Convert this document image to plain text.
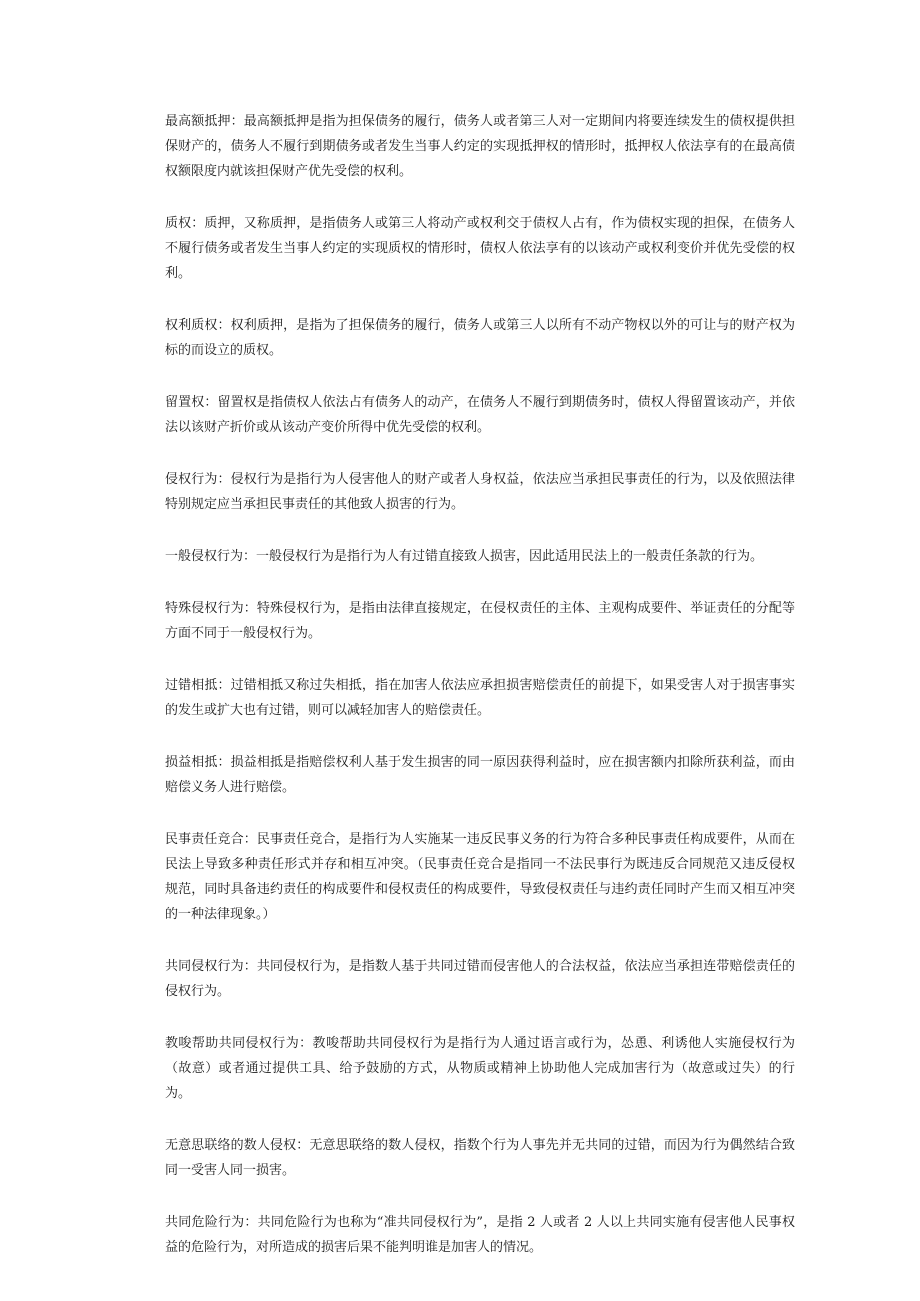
最高额抵押：最高额抵押是指为担保债务的履行，债务人或者第三人对一定期间内将要连续发生的债权提供担保财产的，债务人不履行到期债务或者发生当事人约定的实现抵押权的情形时，抵押权人依法享有的在最高债权额限度内就该担保财产优先受偿的权利。

质权：质押，又称质押，是指债务人或第三人将动产或权利交于债权人占有，作为债权实现的担保，在债务人不履行债务或者发生当事人约定的实现质权的情形时，债权人依法享有的以该动产或权利变价并优先受偿的权利。

权利质权：权利质押，是指为了担保债务的履行，债务人或第三人以所有不动产物权以外的可让与的财产权为标的而设立的质权。

留置权：留置权是指债权人依法占有债务人的动产，在债务人不履行到期债务时，债权人得留置该动产，并依法以该财产折价或从该动产变价所得中优先受偿的权利。

侵权行为：侵权行为是指行为人侵害他人的财产或者人身权益，依法应当承担民事责任的行为，以及依照法律特别规定应当承担民事责任的其他致人损害的行为。

一般侵权行为：一般侵权行为是指行为人有过错直接致人损害，因此适用民法上的一般责任条款的行为。

特殊侵权行为：特殊侵权行为，是指由法律直接规定，在侵权责任的主体、主观构成要件、举证责任的分配等方面不同于一般侵权行为。

过错相抵：过错相抵又称过失相抵，指在加害人依法应承担损害赔偿责任的前提下，如果受害人对于损害事实的发生或扩大也有过错，则可以减轻加害人的赔偿责任。

损益相抵：损益相抵是指赔偿权利人基于发生损害的同一原因获得利益时，应在损害额内扣除所获利益，而由赔偿义务人进行赔偿。

民事责任竞合：民事责任竞合，是指行为人实施某一违反民事义务的行为符合多种民事责任构成要件，从而在民法上导致多种责任形式并存和相互冲突。（民事责任竞合是指同一不法民事行为既违反合同规范又违反侵权规范，同时具备违约责任的构成要件和侵权责任的构成要件，导致侵权责任与违约责任同时产生而又相互冲突的一种法律现象。）

共同侵权行为：共同侵权行为，是指数人基于共同过错而侵害他人的合法权益，依法应当承担连带赔偿责任的侵权行为。

教唆帮助共同侵权行为：教唆帮助共同侵权行为是指行为人通过语言或行为，怂恿、利诱他人实施侵权行为（故意）或者通过提供工具、给予鼓励的方式，从物质或精神上协助他人完成加害行为（故意或过失）的行为。

无意思联络的数人侵权：无意思联络的数人侵权，指数个行为人事先并无共同的过错，而因为行为偶然结合致同一受害人同一损害。

共同危险行为：共同危险行为也称为“准共同侵权行为”，是指 2 人或者 2 人以上共同实施有侵害他人民事权益的危险行为，对所造成的损害后果不能判明谁是加害人的情况。
